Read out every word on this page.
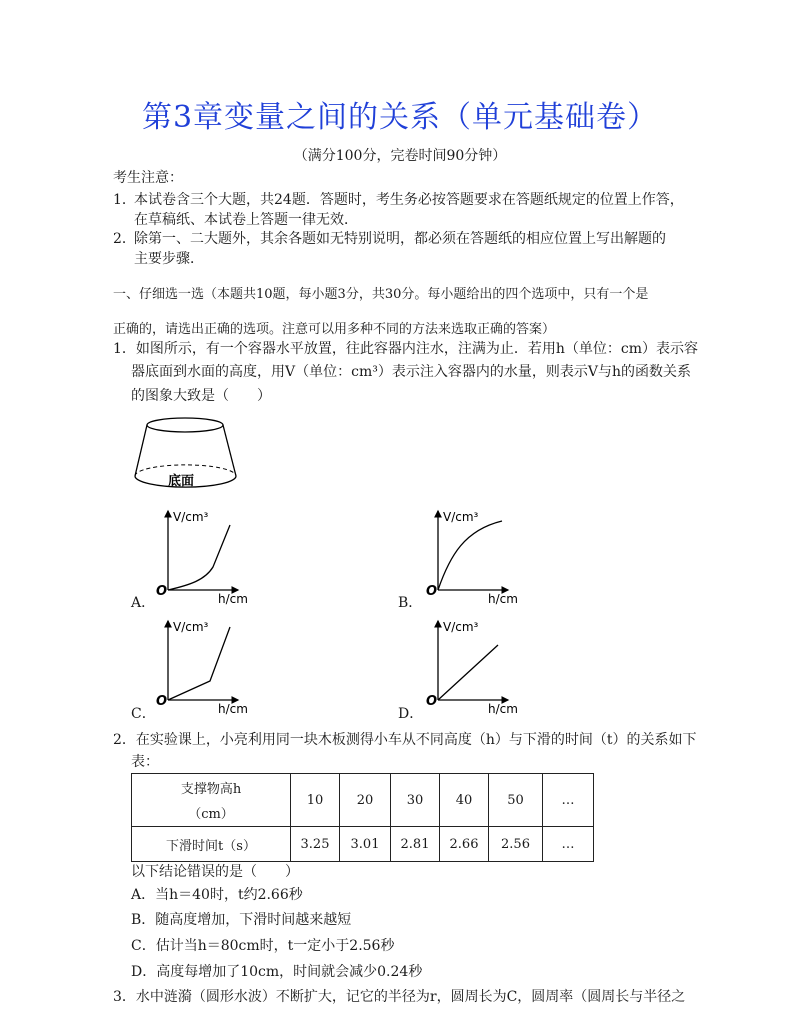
第3章变量之间的关系（单元基础卷）
（满分100分，完卷时间90分钟）
考生注意：
1．
本试卷含三个大题，共24题．答题时，考生务必按答题要求在答题纸规定的位置上作答，
在草稿纸、本试卷上答题一律无效．
2．
除第一、二大题外，其余各题如无特别说明，都必须在答题纸的相应位置上写出解题的
主要步骤．
一、仔细选一选（本题共10题，每小题3分，共30分。每小题给出的四个选项中，只有一个是
正确的，请选出正确的选项。注意可以用多种不同的方法来选取正确的答案）
1．如图所示，有一个容器水平放置，往此容器内注水，注满为止．若用h（单位：cm）表示容
器底面到水面的高度，用V（单位：cm³）表示注入容器内的水量，则表示V与h的函数关系
的图象大致是（　　）
底面
O
V/cm³
h/cm
A．
O
V/cm³
h/cm
B．
O
V/cm³
h/cm
C．
O
V/cm³
h/cm
D．
2．在实验课上，小亮利用同一块木板测得小车从不同高度（h）与下滑的时间（t）的关系如下
表：
支撑物高h
（cm）	10	20	30	40	50	…
下滑时间t（s）	3.25	3.01	2.81	2.66	2.56	…
以下结论错误的是（　　）
A．当h＝40时，t约2.66秒
B．随高度增加，下滑时间越来越短
C．估计当h＝80cm时，t一定小于2.56秒
D．高度每增加了10cm，时间就会减少0.24秒
3．水中涟漪（圆形水波）不断扩大，记它的半径为r，圆周长为C，圆周率（圆周长与半径之
